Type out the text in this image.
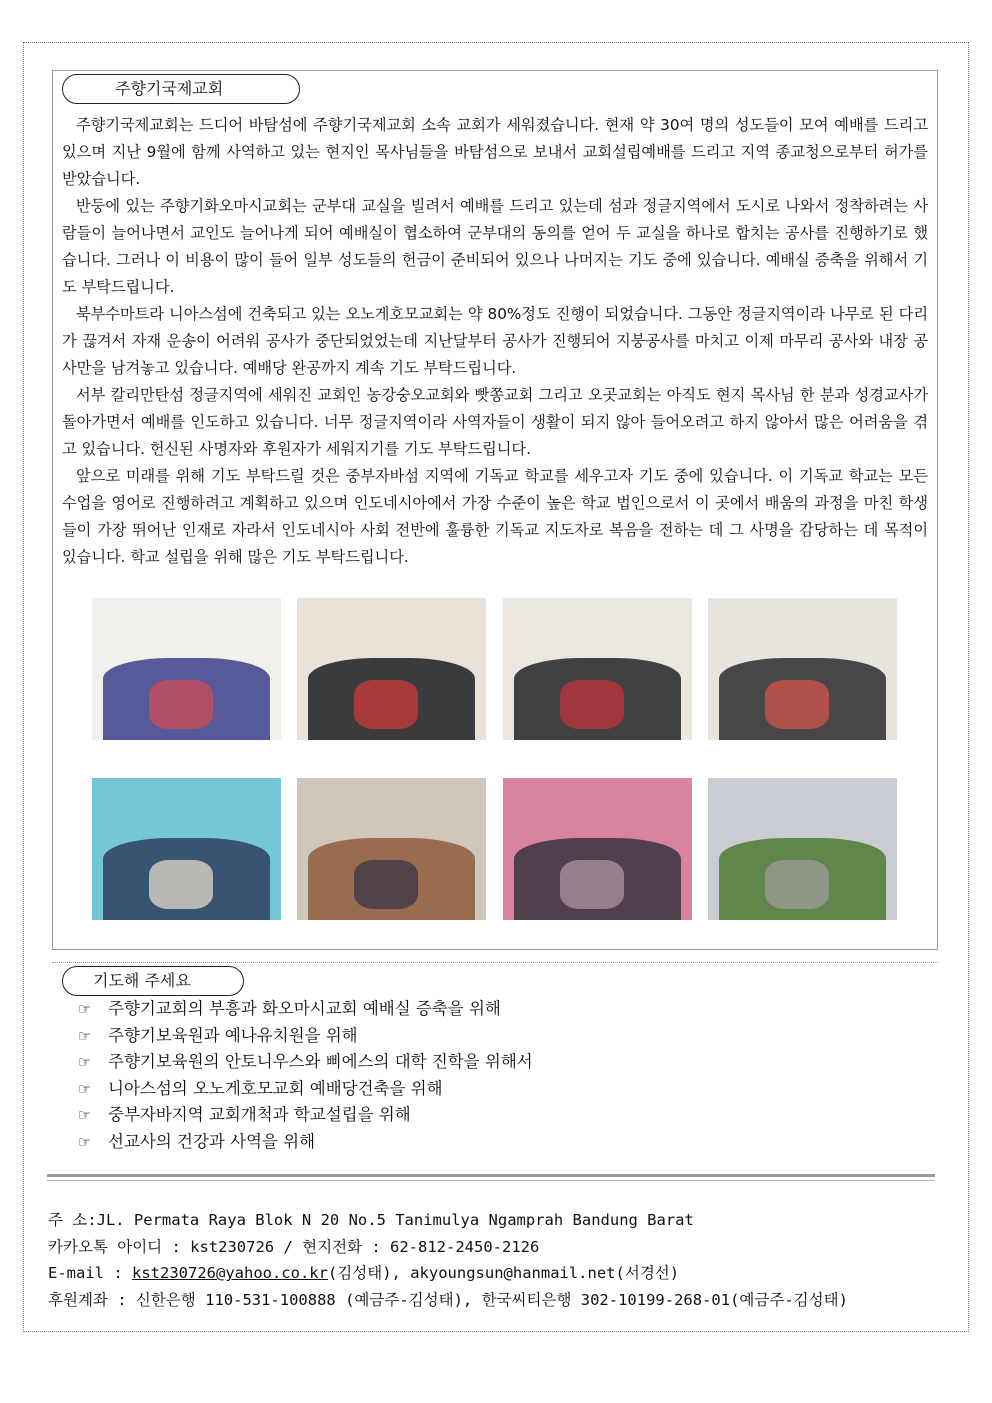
주향기국제교회

주향기국제교회는 드디어 바탐섬에 주향기국제교회 소속 교회가 세워졌습니다. 현재 약 30여 명의 성도들이 모여 예배를 드리고 있으며 지난 9월에 함께 사역하고 있는 현지인 목사님들을 바탐섬으로 보내서 교회설립예배를 드리고 지역 종교청으로부터 허가를 받았습니다.

반둥에 있는 주향기화오마시교회는 군부대 교실을 빌려서 예배를 드리고 있는데 섬과 정글지역에서 도시로 나와서 정착하려는 사람들이 늘어나면서 교인도 늘어나게 되어 예배실이 협소하여 군부대의 동의를 얻어 두 교실을 하나로 합치는 공사를 진행하기로 했습니다. 그러나 이 비용이 많이 들어 일부 성도들의 헌금이 준비되어 있으나 나머지는 기도 중에 있습니다. 예배실 증축을 위해서 기도 부탁드립니다.

북부수마트라 니아스섬에 건축되고 있는 오노게호모교회는 약 80%정도 진행이 되었습니다. 그동안 정글지역이라 나무로 된 다리가 끊겨서 자재 운송이 어려워 공사가 중단되었었는데 지난달부터 공사가 진행되어 지붕공사를 마치고 이제 마무리 공사와 내장 공사만을 남겨놓고 있습니다. 예배당 완공까지 계속 기도 부탁드립니다.

서부 칼리만탄섬 정글지역에 세워진 교회인 농강숭오교회와 빳쫑교회 그리고 오곳교회는 아직도 현지 목사님 한 분과 성경교사가 돌아가면서 예배를 인도하고 있습니다. 너무 정글지역이라 사역자들이 생활이 되지 않아 들어오려고 하지 않아서 많은 어려움을 겪고 있습니다. 헌신된 사명자와 후원자가 세워지기를 기도 부탁드립니다.

앞으로 미래를 위해 기도 부탁드릴 것은 중부자바섬 지역에 기독교 학교를 세우고자 기도 중에 있습니다. 이 기독교 학교는 모든 수업을 영어로 진행하려고 계획하고 있으며 인도네시아에서 가장 수준이 높은 학교 법인으로서 이 곳에서 배움의 과정을 마친 학생들이 가장 뛰어난 인재로 자라서 인도네시아 사회 전반에 훌륭한 기독교 지도자로 복음을 전하는 데 그 사명을 감당하는 데 목적이 있습니다. 학교 설립을 위해 많은 기도 부탁드립니다.

기도해 주세요
☞ 주향기교회의 부흥과 화오마시교회 예배실 증축을 위해
☞ 주향기보육원과 예나유치원을 위해
☞ 주향기보육원의 안토니우스와 삐에스의 대학 진학을 위해서
☞ 니아스섬의 오노게호모교회 예배당건축을 위해
☞ 중부자바지역 교회개척과 학교설립을 위해
☞ 선교사의 건강과 사역을 위해
주 소:JL. Permata Raya Blok N 20 No.5 Tanimulya Ngamprah Bandung Barat
카카오톡 아이디 : kst230726 / 현지전화 : 62-812-2450-2126
E-mail : kst230726@yahoo.co.kr(김성태), akyoungsun@hanmail.net(서경선)
후원계좌 : 신한은행 110-531-100888 (예금주-김성태), 한국씨티은행 302-10199-268-01(예금주-김성태)
